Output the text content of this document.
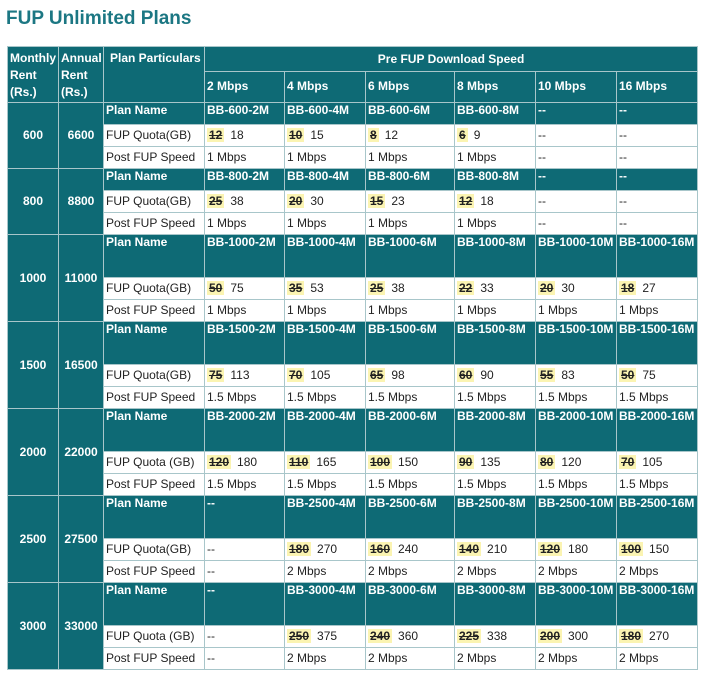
FUP Unlimited Plans
Monthly Rent (Rs.)	Annual Rent (Rs.)	Plan Particulars	Pre FUP Download Speed					
			2 Mbps	4 Mbps	6 Mbps	8 Mbps	10 Mbps	16 Mbps
600	6600	Plan Name	BB-600-2M	BB-600-4M	BB-600-6M	BB-600-8M	--	--
		FUP Quota(GB)	12 18	10 15	8 12	6 9	--	--
		Post FUP Speed	1 Mbps	1 Mbps	1 Mbps	1 Mbps	--	--
800	8800	Plan Name	BB-800-2M	BB-800-4M	BB-800-6M	BB-800-8M	--	--
		FUP Quota(GB)	25 38	20 30	15 23	12 18	--	--
		Post FUP Speed	1 Mbps	1 Mbps	1 Mbps	1 Mbps	--	--
1000	11000	Plan Name	BB-1000-2M	BB-1000-4M	BB-1000-6M	BB-1000-8M	BB-1000-10M	BB-1000-16M
		FUP Quota(GB)	50 75	35 53	25 38	22 33	20 30	18 27
		Post FUP Speed	1 Mbps	1 Mbps	1 Mbps	1 Mbps	1 Mbps	1 Mbps
1500	16500	Plan Name	BB-1500-2M	BB-1500-4M	BB-1500-6M	BB-1500-8M	BB-1500-10M	BB-1500-16M
		FUP Quota(GB)	75 113	70 105	65 98	60 90	55 83	50 75
		Post FUP Speed	1.5 Mbps	1.5 Mbps	1.5 Mbps	1.5 Mbps	1.5 Mbps	1.5 Mbps
2000	22000	Plan Name	BB-2000-2M	BB-2000-4M	BB-2000-6M	BB-2000-8M	BB-2000-10M	BB-2000-16M
		FUP Quota (GB)	120 180	110 165	100 150	90 135	80 120	70 105
		Post FUP Speed	1.5 Mbps	1.5 Mbps	1.5 Mbps	1.5 Mbps	1.5 Mbps	1.5 Mbps
2500	27500	Plan Name	--	BB-2500-4M	BB-2500-6M	BB-2500-8M	BB-2500-10M	BB-2500-16M
		FUP Quota(GB)	--	180 270	160 240	140 210	120 180	100 150
		Post FUP Speed	--	2 Mbps	2 Mbps	2 Mbps	2 Mbps	2 Mbps
3000	33000	Plan Name	--	BB-3000-4M	BB-3000-6M	BB-3000-8M	BB-3000-10M	BB-3000-16M
		FUP Quota (GB)	--	250 375	240 360	225 338	200 300	180 270
		Post FUP Speed	--	2 Mbps	2 Mbps	2 Mbps	2 Mbps	2 Mbps
